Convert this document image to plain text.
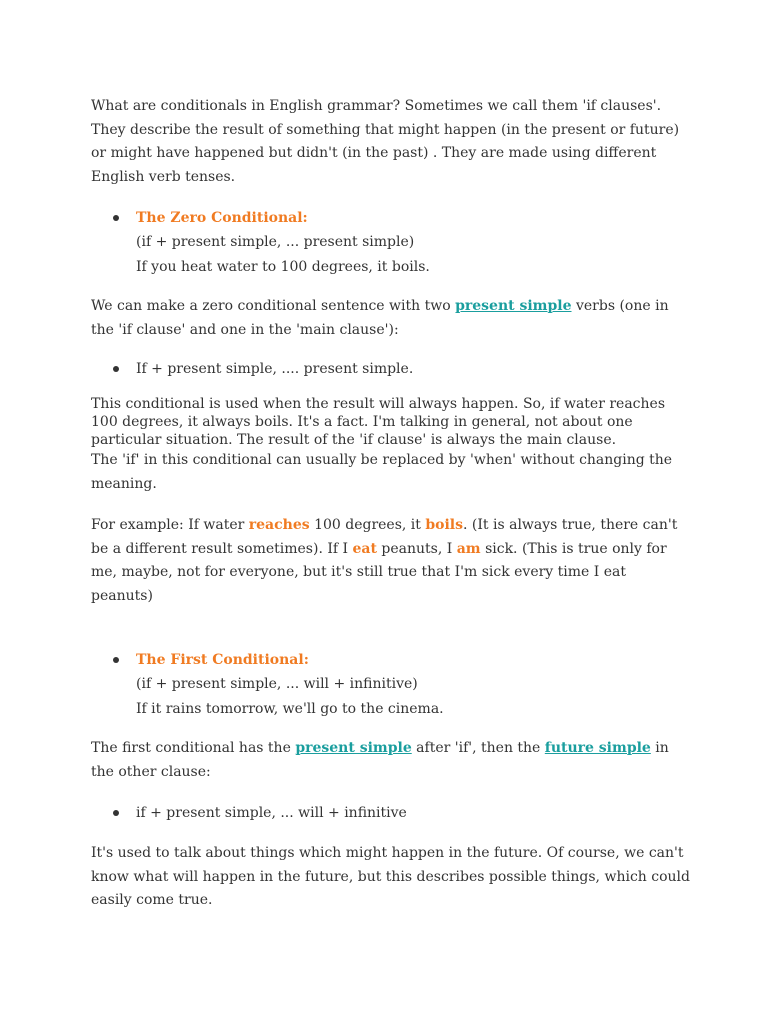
What are conditionals in English grammar? Sometimes we call them 'if clauses'. They describe the result of something that might happen (in the present or future) or might have happened but didn't (in the past) . They are made using different English verb tenses.

The Zero Conditional:
(if + present simple, ... present simple)
If you heat water to 100 degrees, it boils.

We can make a zero conditional sentence with two present simple verbs (one in the 'if clause' and one in the 'main clause'):

If + present simple, .... present simple.

This conditional is used when the result will always happen. So, if water reaches 100 degrees, it always boils. It's a fact. I'm talking in general, not about one particular situation. The result of the 'if clause' is always the main clause.

The 'if' in this conditional can usually be replaced by 'when' without changing the meaning.

For example: If water reaches 100 degrees, it boils. (It is always true, there can't be a different result sometimes). If I eat peanuts, I am sick. (This is true only for me, maybe, not for everyone, but it's still true that I'm sick every time I eat peanuts)

The First Conditional:
(if + present simple, ... will + infinitive)
If it rains tomorrow, we'll go to the cinema.

The first conditional has the present simple after 'if', then the future simple in the other clause:

if + present simple, ... will + infinitive

It's used to talk about things which might happen in the future. Of course, we can't know what will happen in the future, but this describes possible things, which could easily come true.
